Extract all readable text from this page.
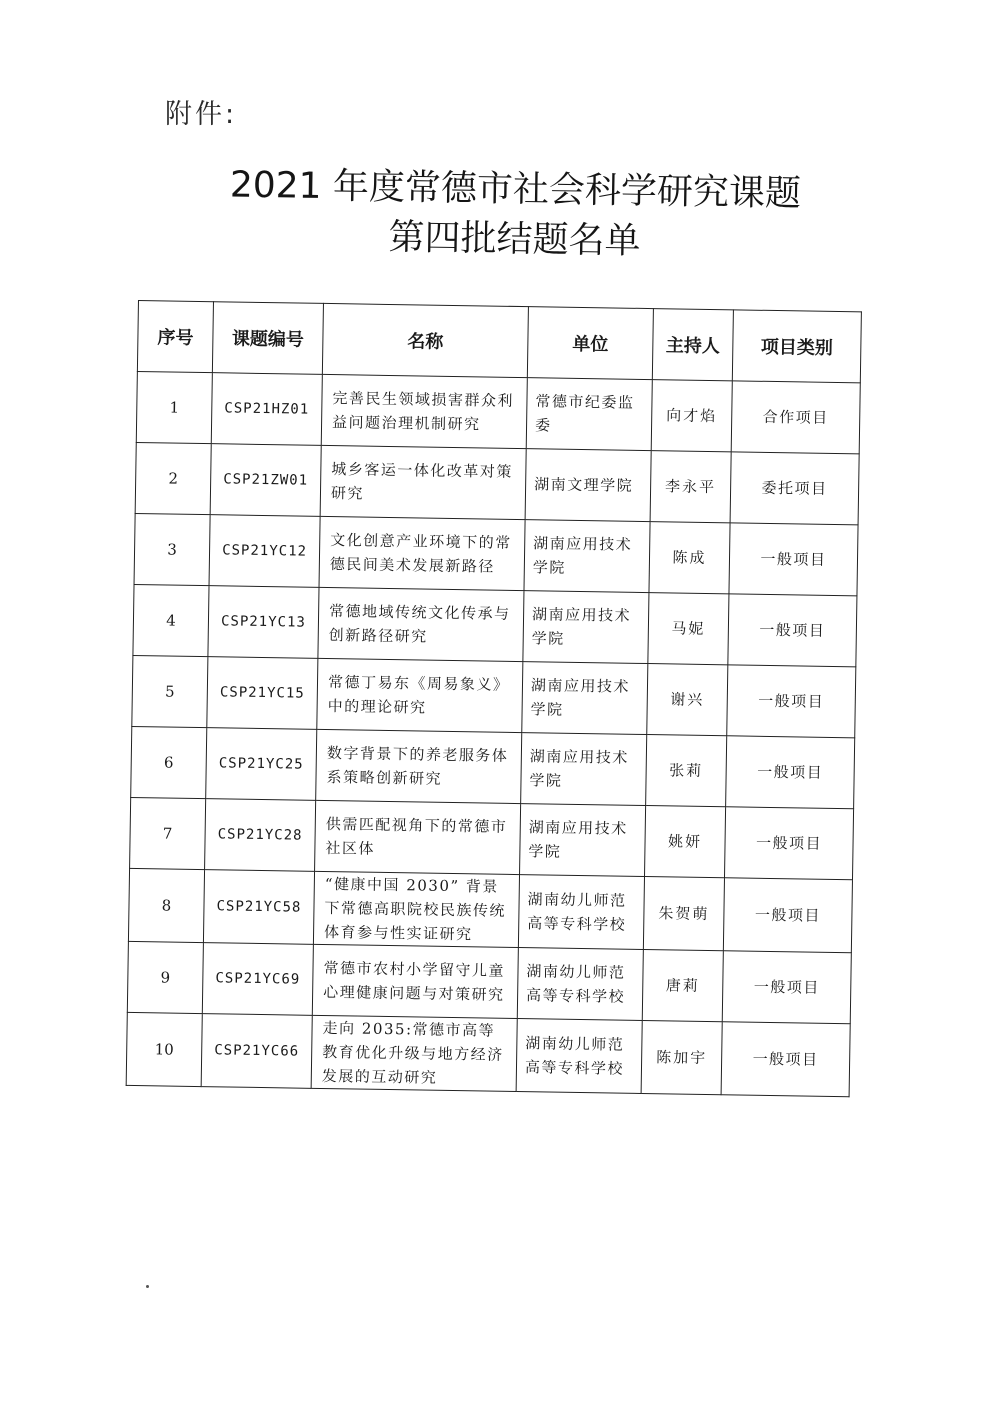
附件:
2021 年度常德市社会科学研究课题
第四批结题名单
序号	课题编号	名称	单位	主持人	项目类别
1	CSP21HZ01	完善民生领域损害群众利益问题治理机制研究	常德市纪委监委	向才焰	合作项目
2	CSP21ZW01	城乡客运一体化改革对策研究	湖南文理学院	李永平	委托项目
3	CSP21YC12	文化创意产业环境下的常德民间美术发展新路径	湖南应用技术学院	陈成	一般项目
4	CSP21YC13	常德地域传统文化传承与创新路径研究	湖南应用技术学院	马妮	一般项目
5	CSP21YC15	常德丁易东《周易象义》中的理论研究	湖南应用技术学院	谢兴	一般项目
6	CSP21YC25	数字背景下的养老服务体系策略创新研究	湖南应用技术学院	张莉	一般项目
7	CSP21YC28	供需匹配视角下的常德市社区体	湖南应用技术学院	姚妍	一般项目
8	CSP21YC58	“健康中国 2030” 背景下常德高职院校民族传统体育参与性实证研究	湖南幼儿师范高等专科学校	朱贺萌	一般项目
9	CSP21YC69	常德市农村小学留守儿童心理健康问题与对策研究	湖南幼儿师范高等专科学校	唐莉	一般项目
10	CSP21YC66	走向 2035:常德市高等教育优化升级与地方经济发展的互动研究	湖南幼儿师范高等专科学校	陈加宇	一般项目
